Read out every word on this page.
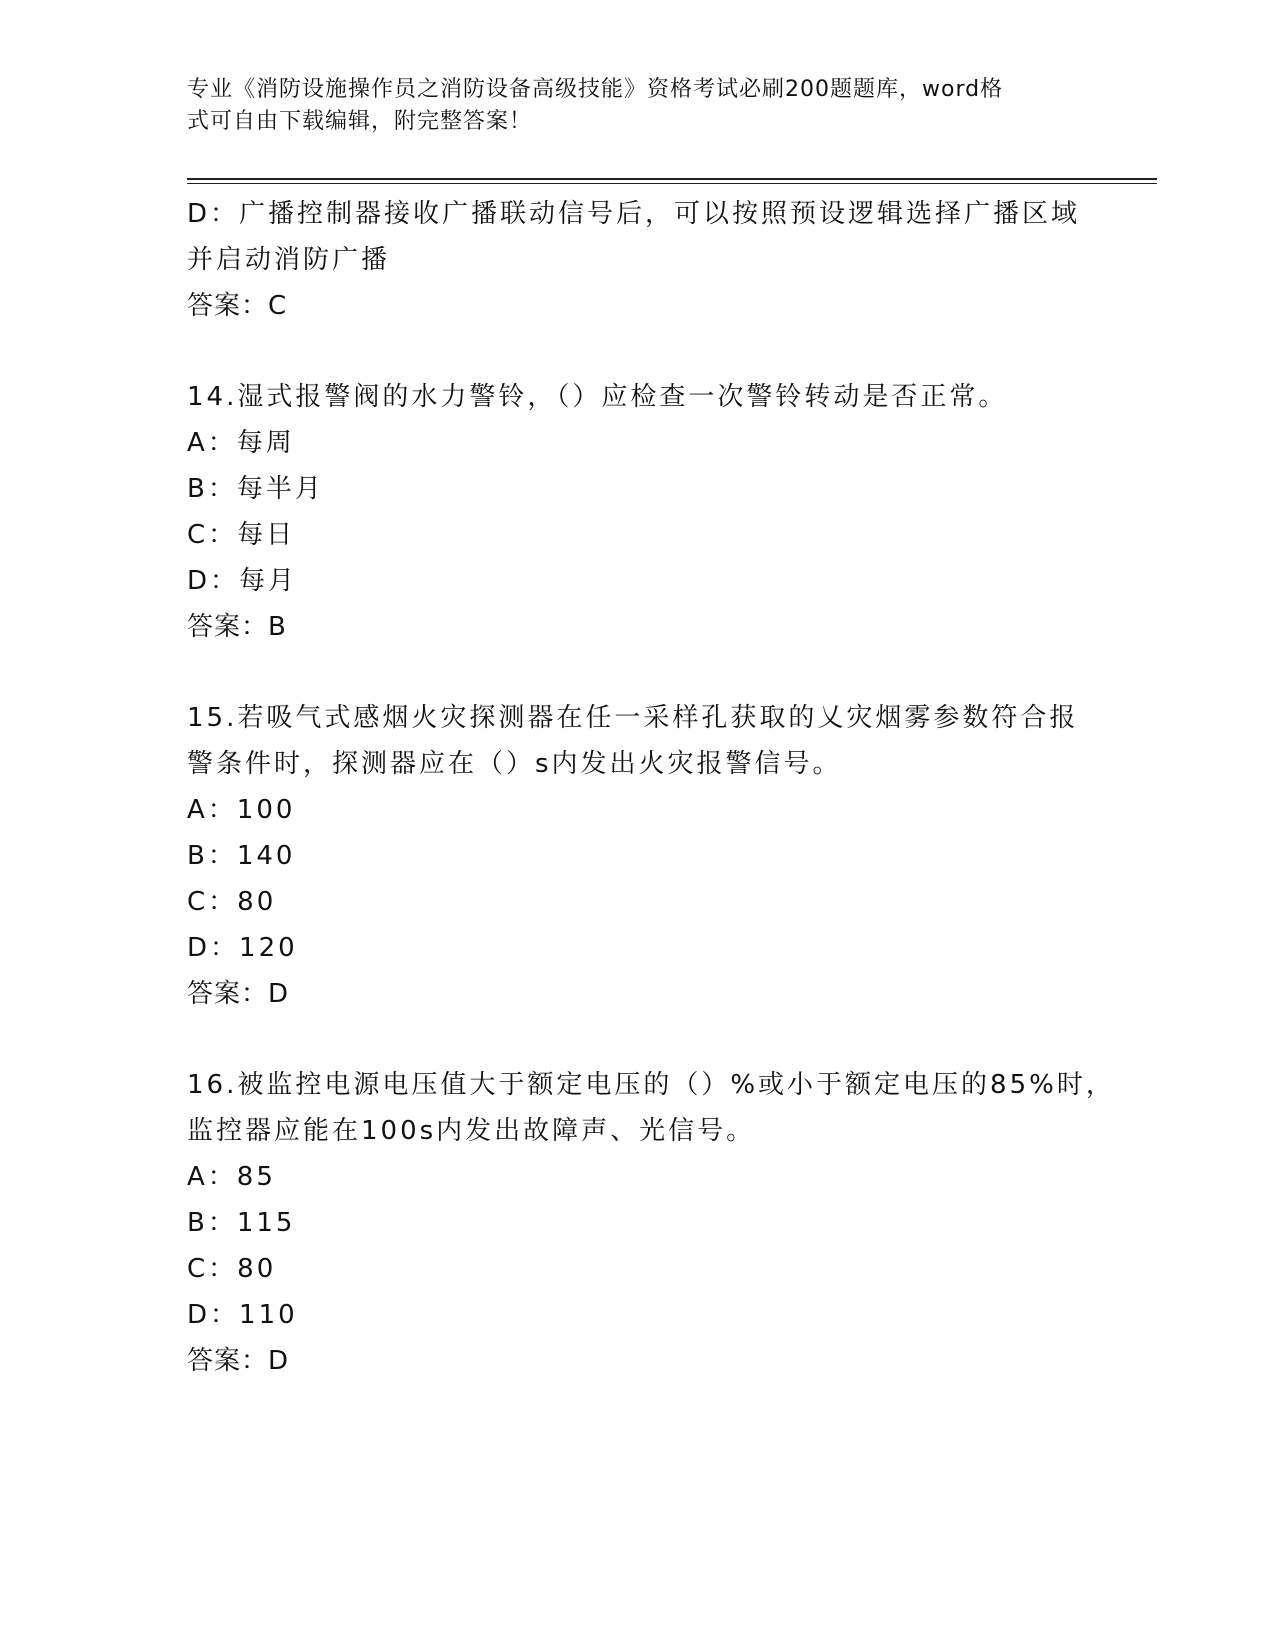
专业《消防设施操作员之消防设备高级技能》资格考试必刷200题题库，word格
式可自由下载编辑，附完整答案！
D：广播控制器接收广播联动信号后，可以按照预设逻辑选择广播区域
并启动消防广播
答案：C
14.湿式报警阀的水力警铃，（）应检查一次警铃转动是否正常。
A：每周
B：每半月
C：每日
D：每月
答案：B
15.若吸气式感烟火灾探测器在任一采样孔获取的乂灾烟雾参数符合报
警条件时，探测器应在（）s内发出火灾报警信号。
A：100
B：140
C：80
D：120
答案：D
16.被监控电源电压值大于额定电压的（）%或小于额定电压的85%时，
监控器应能在100s内发出故障声、光信号。
A：85
B：115
C：80
D：110
答案：D
